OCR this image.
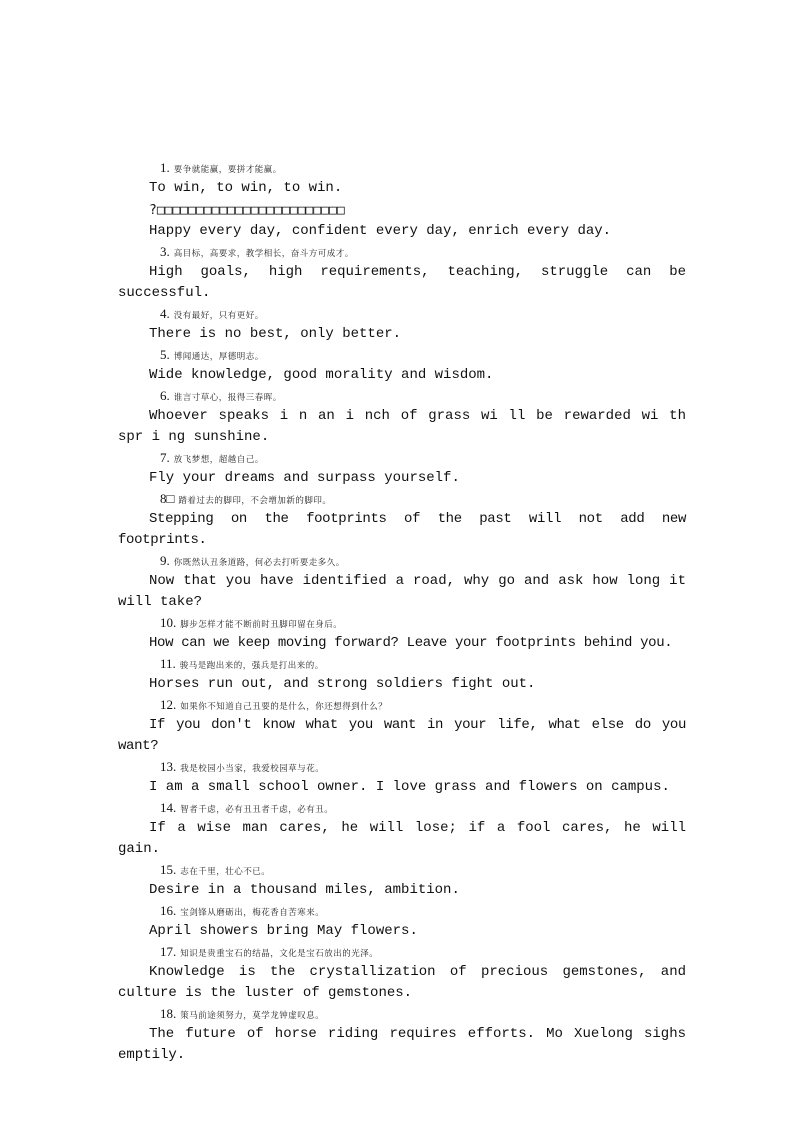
1. 要争就能赢，要拼才能赢。

To win, to win, to win.

?□□□□□□□□□□□□□□□□□□□□□□□□

Happy every day, confident every day, enrich every day.

3. 高目标，高要求，教学相长，奋斗方可成才。

High goals, high requirements, teaching, struggle can be successful.

4. 没有最好，只有更好。

There is no best, only better.

5. 博闻通达，厚德明志。

Wide knowledge, good morality and wisdom.

6. 谁言寸草心，报得三春晖。

Whoever speaks i n an i nch of grass wi ll be rewarded wi th spr i ng sunshine.

7. 放飞梦想，超越自己。

Fly your dreams and surpass yourself.

8□ 踏着过去的脚印，不会增加新的脚印。

Stepping on the footprints of the past will not add new footprints.

9. 你既然认丑条道路，何必去打听要走多久。

Now that you have identified a road, why go and ask how long it will take?

10. 脚步怎样才能不断前时丑脚印留在身后。

How can we keep moving forward? Leave your footprints behind you.

11. 骏马是跑出来的，强兵是打出来的。

Horses run out, and strong soldiers fight out.

12. 如果你不知道自己丑要的是什么，你还想得到什么？

If you don't know what you want in your life, what else do you want?

13. 我是校园小当家，我爱校园草与花。

I am a small school owner. I love grass and flowers on campus.

14. 智者千虑，必有丑丑者千虑，必有丑。

If a wise man cares, he will lose; if a fool cares, he will gain.

15. 志在千里，壮心不已。

Desire in a thousand miles, ambition.

16. 宝剑锋从磨砺出，梅花香自苦寒来。

April showers bring May flowers.

17. 知识是贵重宝石的结晶，文化是宝石放出的光泽。

Knowledge is the crystallization of precious gemstones, and culture is the luster of gemstones.

18. 策马前途须努力，莫学龙钟虚叹息。

The future of horse riding requires efforts. Mo Xuelong sighs emptily.
